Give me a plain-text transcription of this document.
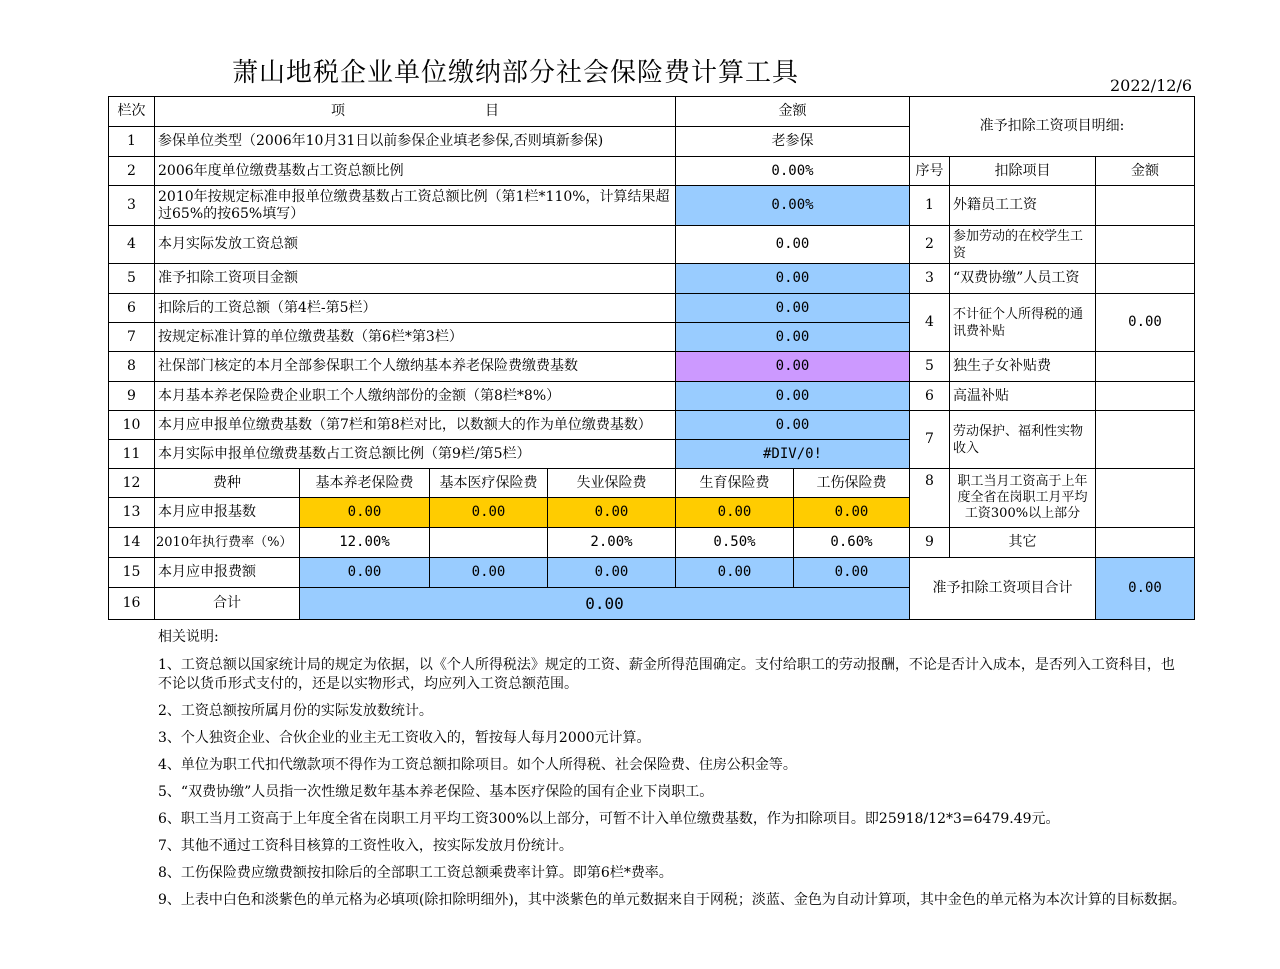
萧山地税企业单位缴纳部分社会保险费计算工具	2022/12/6
栏次	项 目				金额		准予扣除工资项目明细:		
1	参保单位类型（2006年10月31日以前参保企业填老参保,否则填新参保)				老参保				
2	2006年度单位缴费基数占工资总额比例				0.00%		序号	扣除项目	金额
3	2010年按规定标准申报单位缴费基数占工资总额比例（第1栏*110%，计算结果超过65%的按65%填写）				0.00%		1	外籍员工工资	
4	本月实际发放工资总额				0.00		2	参加劳动的在校学生工资	
5	准予扣除工资项目金额				0.00		3	“双费协缴”人员工资	
6	扣除后的工资总额（第4栏-第5栏）				0.00		4	不计征个人所得税的通讯费补贴	0.00
7	按规定标准计算的单位缴费基数（第6栏*第3栏）				0.00				
8	社保部门核定的本月全部参保职工个人缴纳基本养老保险费缴费基数				0.00		5	独生子女补贴费	
9	本月基本养老保险费企业职工个人缴纳部份的金额（第8栏*8%）				0.00		6	高温补贴	
10	本月应申报单位缴费基数（第7栏和第8栏对比，以数额大的作为单位缴费基数）				0.00		7	劳动保护、福利性实物收入	
11	本月实际申报单位缴费基数占工资总额比例（第9栏/第5栏）				#DIV/0!				
12	费种	基本养老保险费	基本医疗保险费	失业保险费	生育保险费	工伤保险费	8	职工当月工资高于上年度全省在岗职工月平均工资300%以上部分	
13	本月应申报基数	0.00	0.00	0.00	0.00	0.00			
14	2010年执行费率（%）	12.00%		2.00%	0.50%	0.60%	9	其它	
15	本月应申报费额	0.00	0.00	0.00	0.00	0.00	准予扣除工资项目合计		0.00
16	合计	0.00							

相关说明:

1、工资总额以国家统计局的规定为依据，以《个人所得税法》规定的工资、薪金所得范围确定。支付给职工的劳动报酬，不论是否计入成本，是否列入工资科目，也不论以货币形式支付的，还是以实物形式，均应列入工资总额范围。

2、工资总额按所属月份的实际发放数统计。

3、个人独资企业、合伙企业的业主无工资收入的，暂按每人每月2000元计算。

4、单位为职工代扣代缴款项不得作为工资总额扣除项目。如个人所得税、社会保险费、住房公积金等。

5、“双费协缴”人员指一次性缴足数年基本养老保险、基本医疗保险的国有企业下岗职工。

6、职工当月工资高于上年度全省在岗职工月平均工资300%以上部分，可暂不计入单位缴费基数，作为扣除项目。即25918/12*3=6479.49元。

7、其他不通过工资科目核算的工资性收入，按实际发放月份统计。

8、工伤保险费应缴费额按扣除后的全部职工工资总额乘费率计算。即第6栏*费率。

9、上表中白色和淡紫色的单元格为必填项(除扣除明细外)，其中淡紫色的单元数据来自于网税；淡蓝、金色为自动计算项，其中金色的单元格为本次计算的目标数据。
